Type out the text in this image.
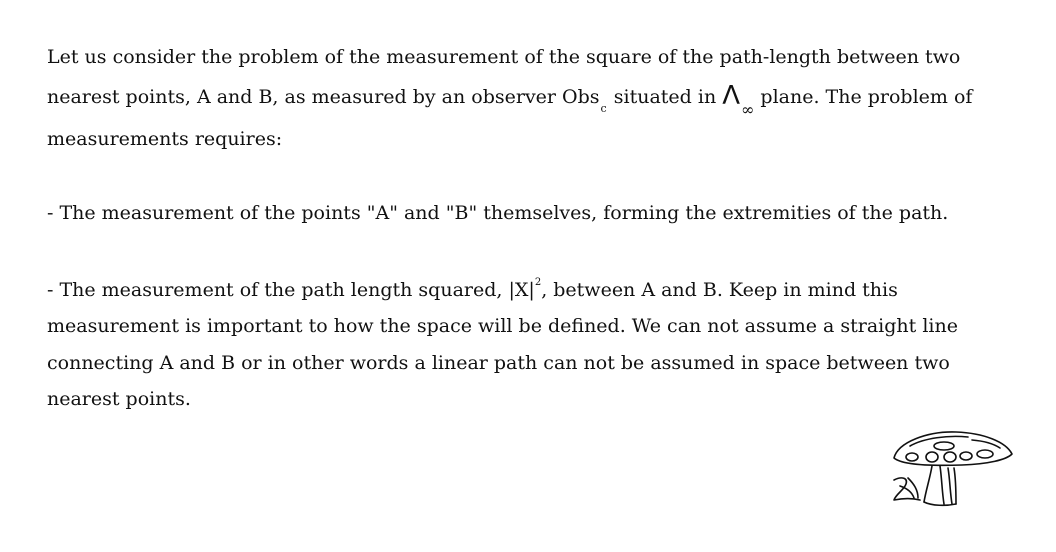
Let us consider the problem of the measurement of the square of the path-length between two
nearest points, A and B, as measured by an observer Obs$_c$ situated in $\Lambda_\infty$ plane. The problem of
measurements requires:
- The measurement of the points "A" and "B" themselves, forming the extremities of the path.
- The measurement of the path length squared, $|X|^2$, between A and B. Keep in mind this
measurement is important to how the space will be defined. We can not assume a straight line
connecting A and B or in other words a linear path can not be assumed in space between two
nearest points.
TRM
